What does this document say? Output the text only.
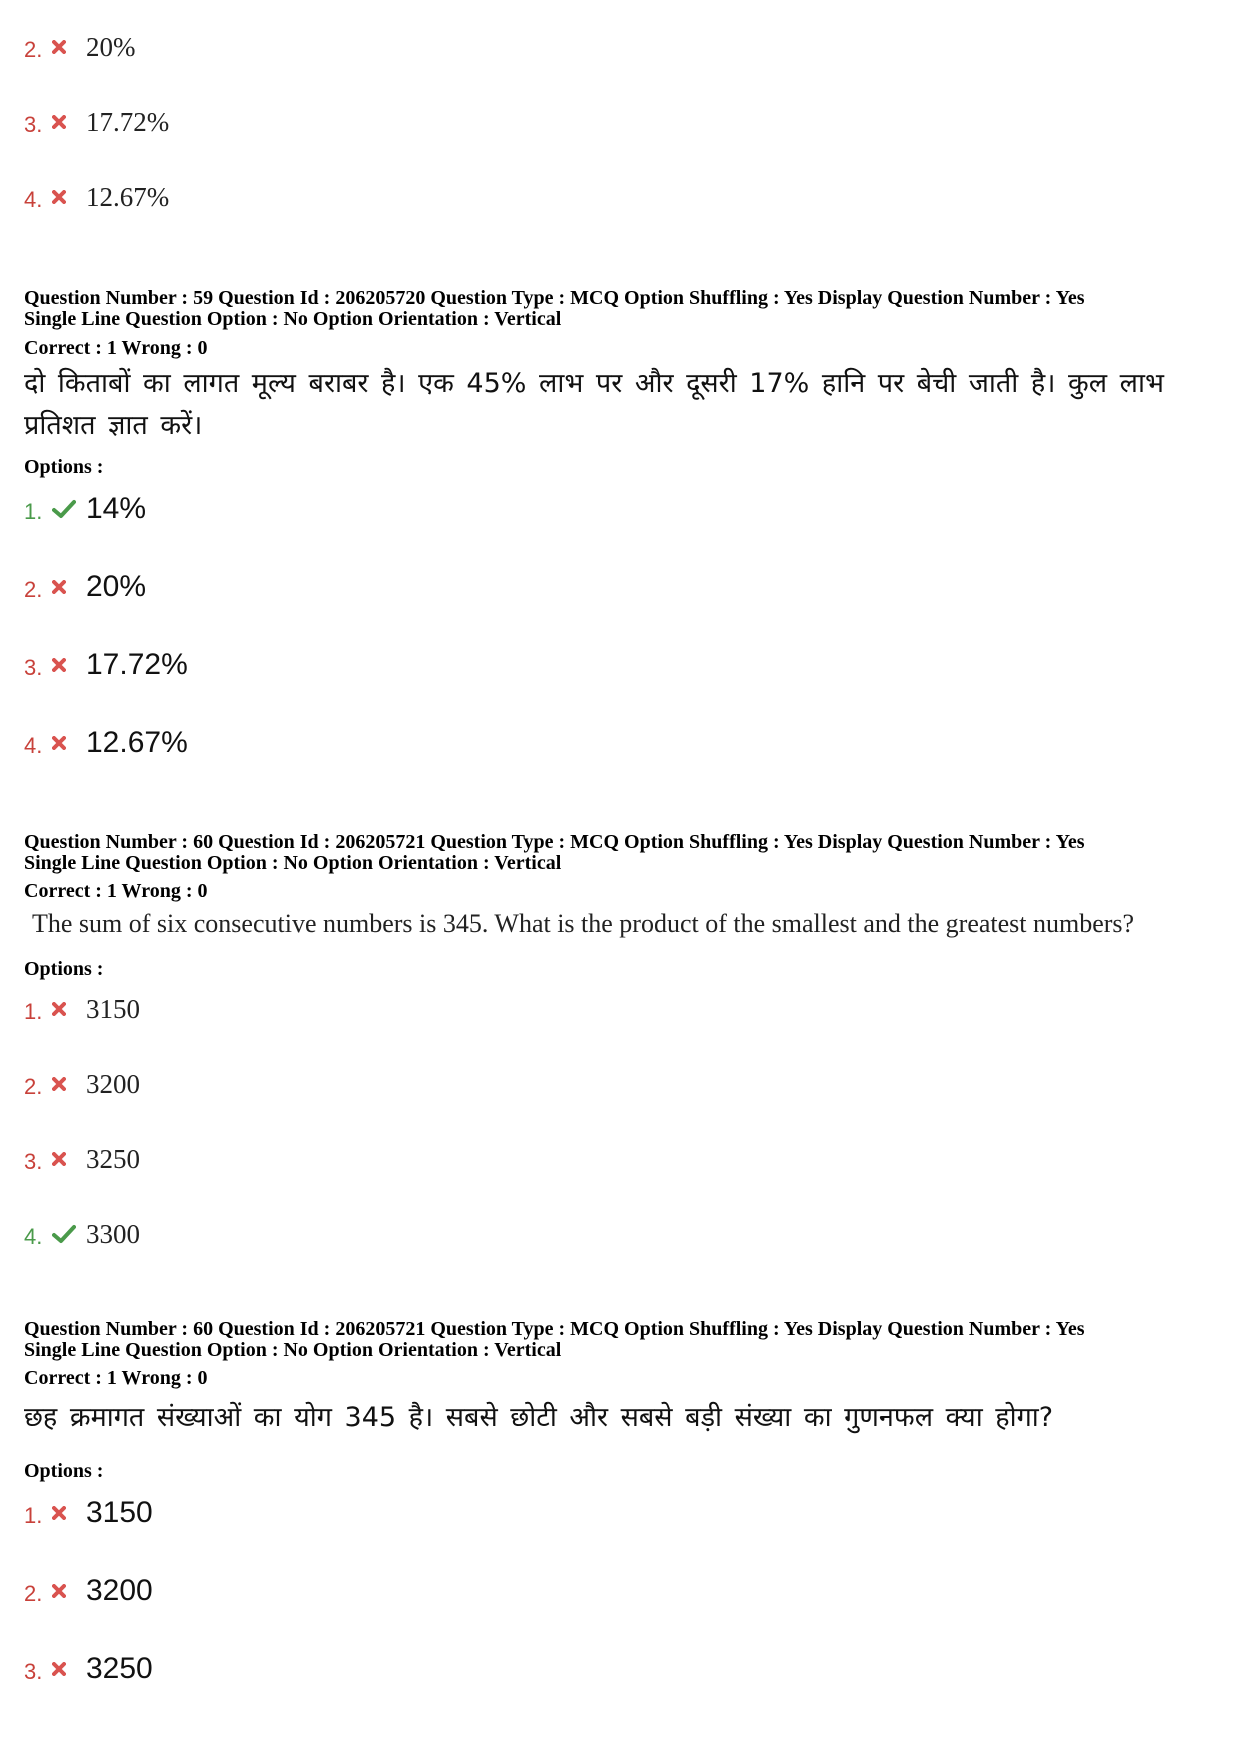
2.	20%
3.	17.72%
4.	12.67%
Question Number : 59 Question Id : 206205720 Question Type : MCQ Option Shuffling : Yes Display Question Number : Yes
Single Line Question Option : No Option Orientation : Vertical
Correct : 1 Wrong : 0
दो किताबों का लागत मूल्य बराबर है। एक 45% लाभ पर और दूसरी 17% हानि पर बेची जाती है। कुल लाभ प्रतिशत ज्ञात करें।
Options :
1.	14%
2.	20%
3.	17.72%
4.	12.67%
Question Number : 60 Question Id : 206205721 Question Type : MCQ Option Shuffling : Yes Display Question Number : Yes
Single Line Question Option : No Option Orientation : Vertical
Correct : 1 Wrong : 0
The sum of six consecutive numbers is 345. What is the product of the smallest and the greatest numbers?
Options :
1.	3150
2.	3200
3.	3250
4.	3300
Question Number : 60 Question Id : 206205721 Question Type : MCQ Option Shuffling : Yes Display Question Number : Yes
Single Line Question Option : No Option Orientation : Vertical
Correct : 1 Wrong : 0
छह क्रमागत संख्याओं का योग 345 है। सबसे छोटी और सबसे बड़ी संख्या का गुणनफल क्या होगा?
Options :
1.	3150
2.	3200
3.	3250
